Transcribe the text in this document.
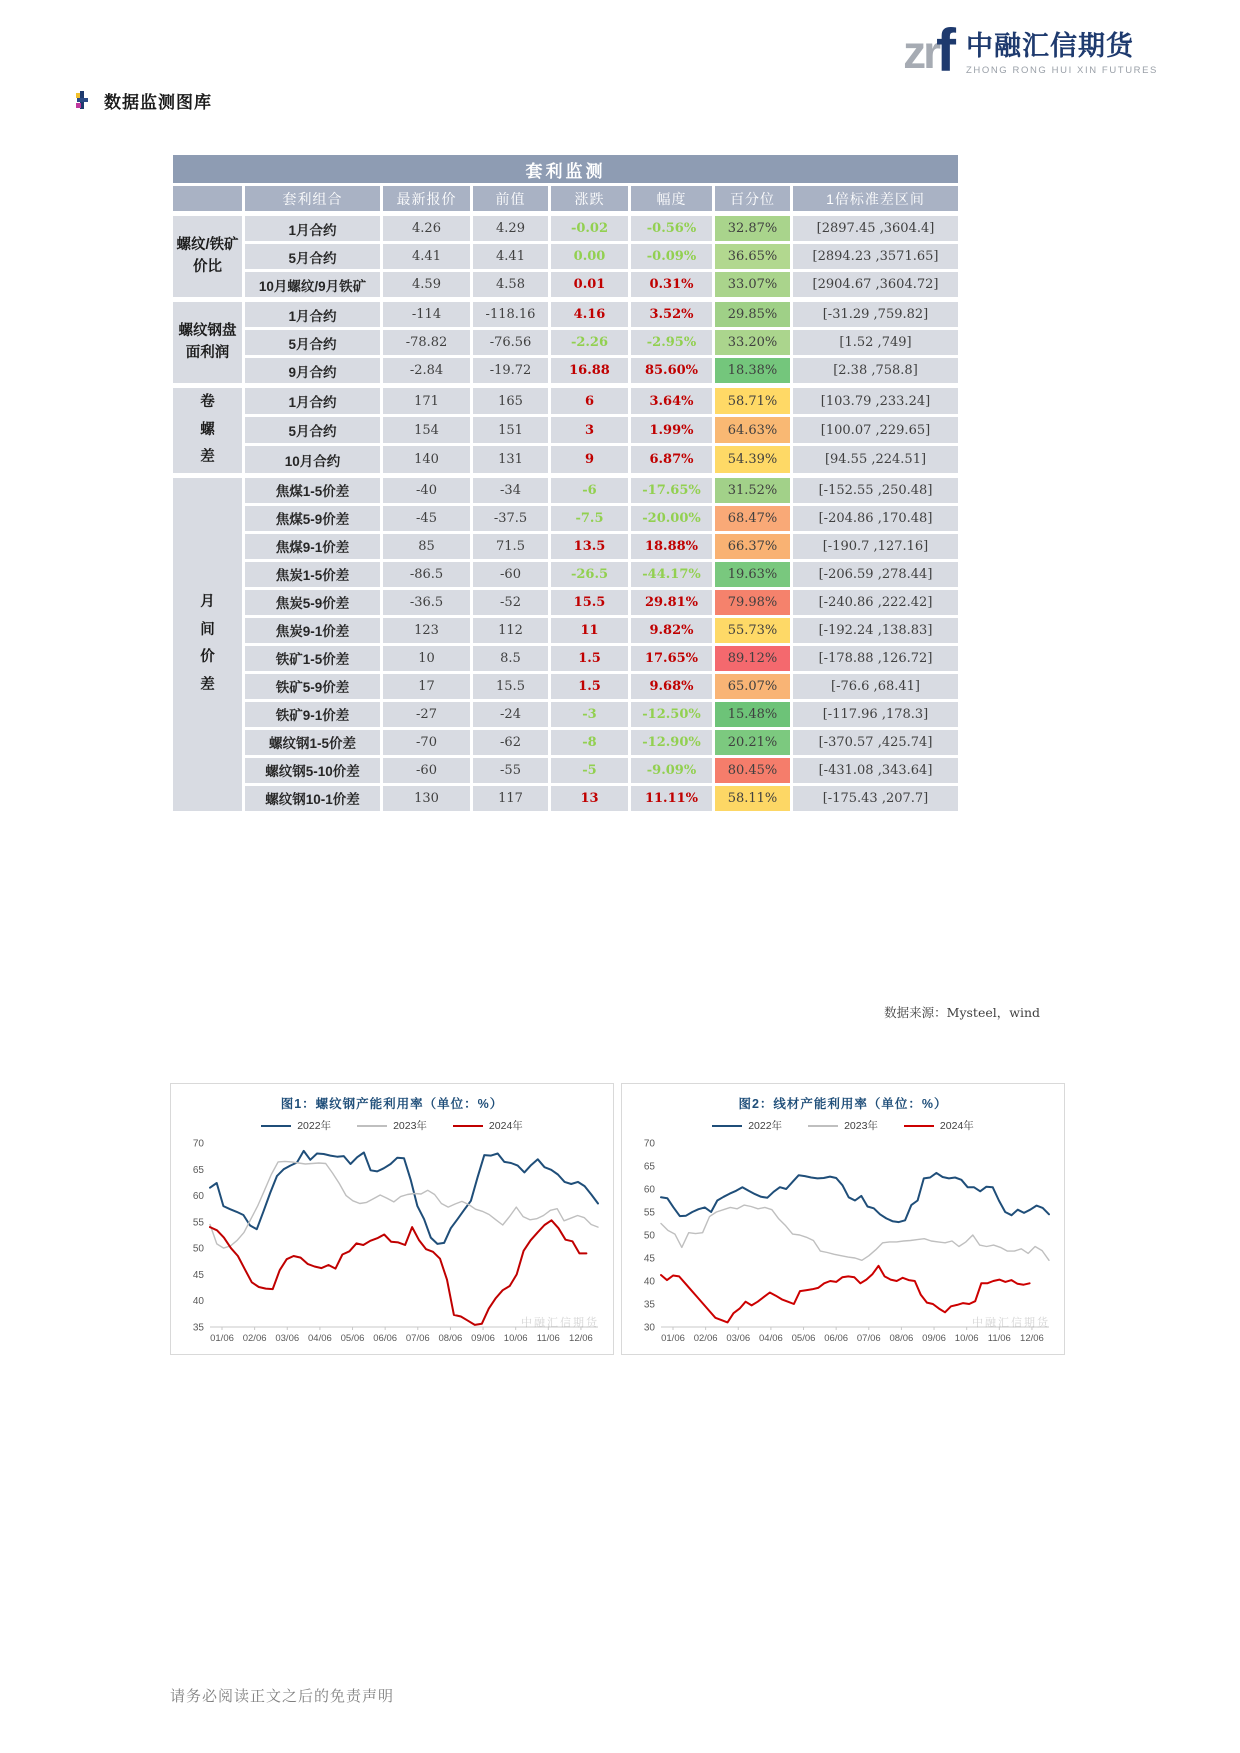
zr
f 中融汇信期货
ZHONG RONG HUI XIN FUTURES
数据监测图库
套利监测							
	套利组合	最新报价	前值	涨跌	幅度	百分位	1倍标准差区间

螺纹/铁矿价比	1月合约	4.26	4.29	-0.02	-0.56%	32.87%	[2897.45 ,3604.4]
	5月合约	4.41	4.41	0.00	-0.09%	36.65%	[2894.23 ,3571.65]
	10月螺纹/9月铁矿	4.59	4.58	0.01	0.31%	33.07%	[2904.67 ,3604.72]

螺纹钢盘面利润	1月合约	-114	-118.16	4.16	3.52%	29.85%	[-31.29 ,759.82]
	5月合约	-78.82	-76.56	-2.26	-2.95%	33.20%	[1.52 ,749]
	9月合约	-2.84	-19.72	16.88	85.60%	18.38%	[2.38 ,758.8]

卷螺差	1月合约	171	165	6	3.64%	58.71%	[103.79 ,233.24]
	5月合约	154	151	3	1.99%	64.63%	[100.07 ,229.65]
	10月合约	140	131	9	6.87%	54.39%	[94.55 ,224.51]

月间价差	焦煤1-5价差	-40	-34	-6	-17.65%	31.52%	[-152.55 ,250.48]
	焦煤5-9价差	-45	-37.5	-7.5	-20.00%	68.47%	[-204.86 ,170.48]
	焦煤9-1价差	85	71.5	13.5	18.88%	66.37%	[-190.7 ,127.16]
	焦炭1-5价差	-86.5	-60	-26.5	-44.17%	19.63%	[-206.59 ,278.44]
	焦炭5-9价差	-36.5	-52	15.5	29.81%	79.98%	[-240.86 ,222.42]
	焦炭9-1价差	123	112	11	9.82%	55.73%	[-192.24 ,138.83]
	铁矿1-5价差	10	8.5	1.5	17.65%	89.12%	[-178.88 ,126.72]
	铁矿5-9价差	17	15.5	1.5	9.68%	65.07%	[-76.6 ,68.41]
	铁矿9-1价差	-27	-24	-3	-12.50%	15.48%	[-117.96 ,178.3]
	螺纹钢1-5价差	-70	-62	-8	-12.90%	20.21%	[-370.57 ,425.74]
	螺纹钢5-10价差	-60	-55	-5	-9.09%	80.45%	[-431.08 ,343.64]
	螺纹钢10-1价差	130	117	13	11.11%	58.11%	[-175.43 ,207.7]
数据来源：Mysteel，wind
图1：螺纹钢产能利用率（单位：%）
2022年	2023年	2024年
35
40
45
50
55
60
65
70
01/06 02/06 03/06 04/06 05/06 06/06 07/06 08/06 09/06 10/06 11/06 12/06
中融汇信期货
图2：线材产能利用率（单位：%）
2022年	2023年	2024年
30
35
40
45
50
55
60
65
70
01/06 02/06 03/06 04/06 05/06 06/06 07/06 08/06 09/06 10/06 11/06 12/06
中融汇信期货
请务必阅读正文之后的免责声明
